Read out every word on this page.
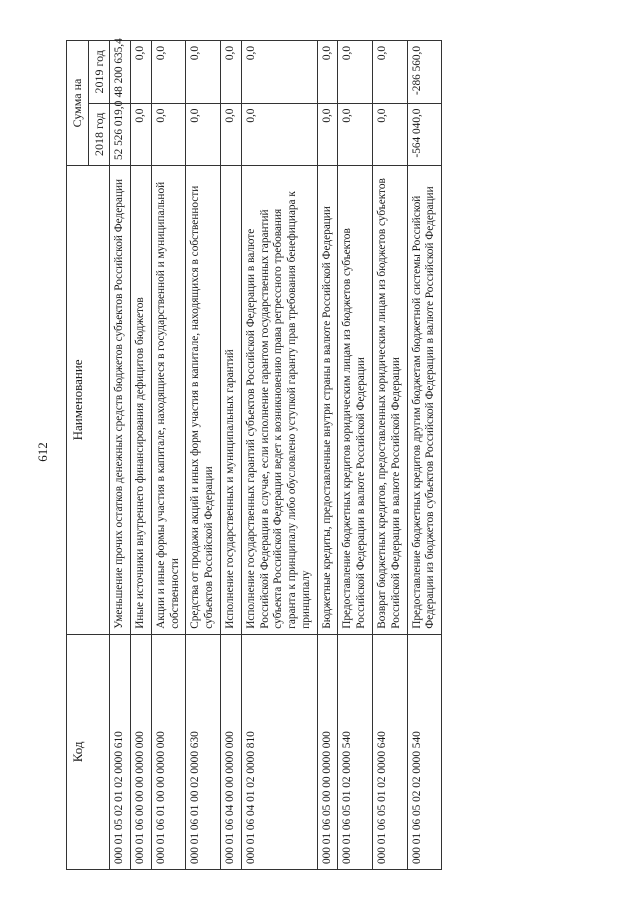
612
Код	Наименование	Сумма на	
		2018 год	2019 год
000 01 05 02 01 02 0000 610	Уменьшение прочих остатков денежных средств бюджетов субъектов Российской Федерации	52 526 019,0	48 200 635,4
000 01 06 00 00 00 0000 000	Иные источники внутреннего финансирования дефицитов бюджетов	0,0	0,0
000 01 06 01 00 00 0000 000	Акции и иные формы участия в капитале, находящиеся в государственной и муниципальной собственности	0,0	0,0
000 01 06 01 00 02 0000 630	Средства от продажи акций и иных форм участия в капитале, находящихся в собственности субъектов Российской Федерации	0,0	0,0
000 01 06 04 00 00 0000 000	Исполнение государственных и муниципальных гарантий	0,0	0,0
000 01 06 04 01 02 0000 810	Исполнение государственных гарантий субъектов Российской Федерации в валюте Российской Федерации в случае, если исполнение гарантом государственных гарантий субъекта Российской Федерации ведет к возникновению права регрессного требования гаранта к принципалу либо обусловлено уступкой гаранту прав требования бенефициара к принципалу	0,0	0,0
000 01 06 05 00 00 0000 000	Бюджетные кредиты, предоставленные внутри страны в валюте Российской Федерации	0,0	0,0
000 01 06 05 01 02 0000 540	Предоставление бюджетных кредитов юридическим лицам из бюджетов субъектов Российской Федерации в валюте Российской Федерации	0,0	0,0
000 01 06 05 01 02 0000 640	Возврат бюджетных кредитов, предоставленных юридическим лицам из бюджетов субъектов Российской Федерации в валюте Российской Федерации	0,0	0,0
000 01 06 05 02 02 0000 540	Предоставление бюджетных кредитов другим бюджетам бюджетной системы Российской Федерации из бюджетов субъектов Российской Федерации в валюте Российской Федерации	-564 040,0	-286 560,0
